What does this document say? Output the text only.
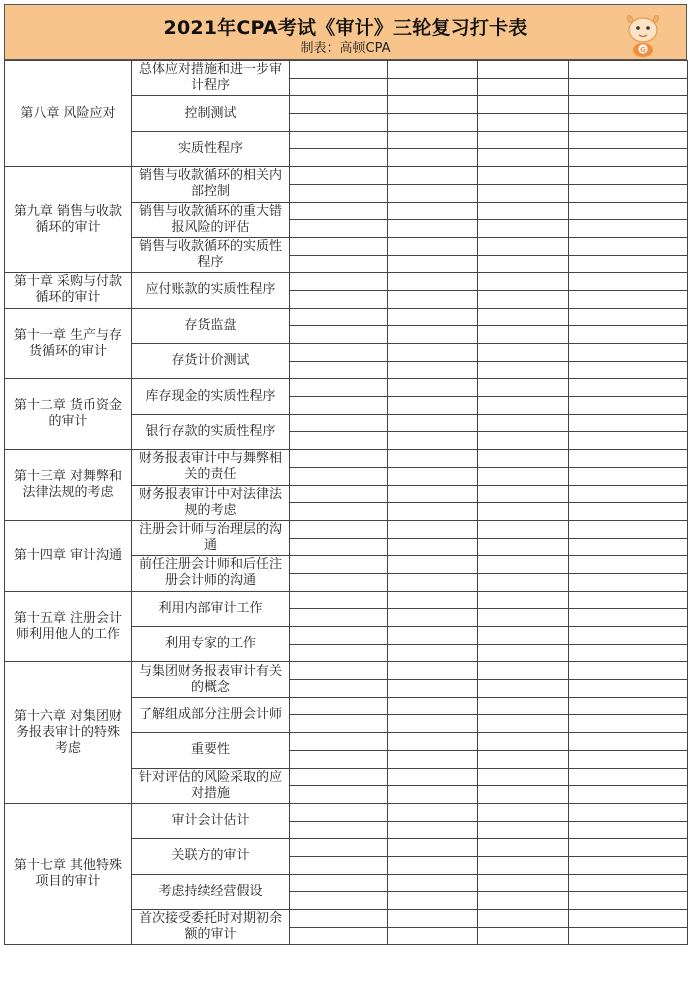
2021年CPA考试《审计》三轮复习打卡表
制表：高顿CPA	G
第八章 风险应对	总体应对措施和进一步审计程序				

	控制测试				

	实质性程序				

第九章 销售与收款循环的审计	销售与收款循环的相关内部控制				

	销售与收款循环的重大错报风险的评估				

	销售与收款循环的实质性程序				

第十章 采购与付款循环的审计	应付账款的实质性程序				

第十一章 生产与存货循环的审计	存货监盘				

	存货计价测试				

第十二章 货币资金的审计	库存现金的实质性程序				

	银行存款的实质性程序				

第十三章 对舞弊和法律法规的考虑	财务报表审计中与舞弊相关的责任				

	财务报表审计中对法律法规的考虑				

第十四章 审计沟通	注册会计师与治理层的沟通				

	前任注册会计师和后任注册会计师的沟通				

第十五章 注册会计师利用他人的工作	利用内部审计工作				

	利用专家的工作				

第十六章 对集团财务报表审计的特殊考虑	与集团财务报表审计有关的概念				

	了解组成部分注册会计师				

	重要性				

	针对评估的风险采取的应对措施				

第十七章 其他特殊项目的审计	审计会计估计				

	关联方的审计				

	考虑持续经营假设				

	首次接受委托时对期初余额的审计				
